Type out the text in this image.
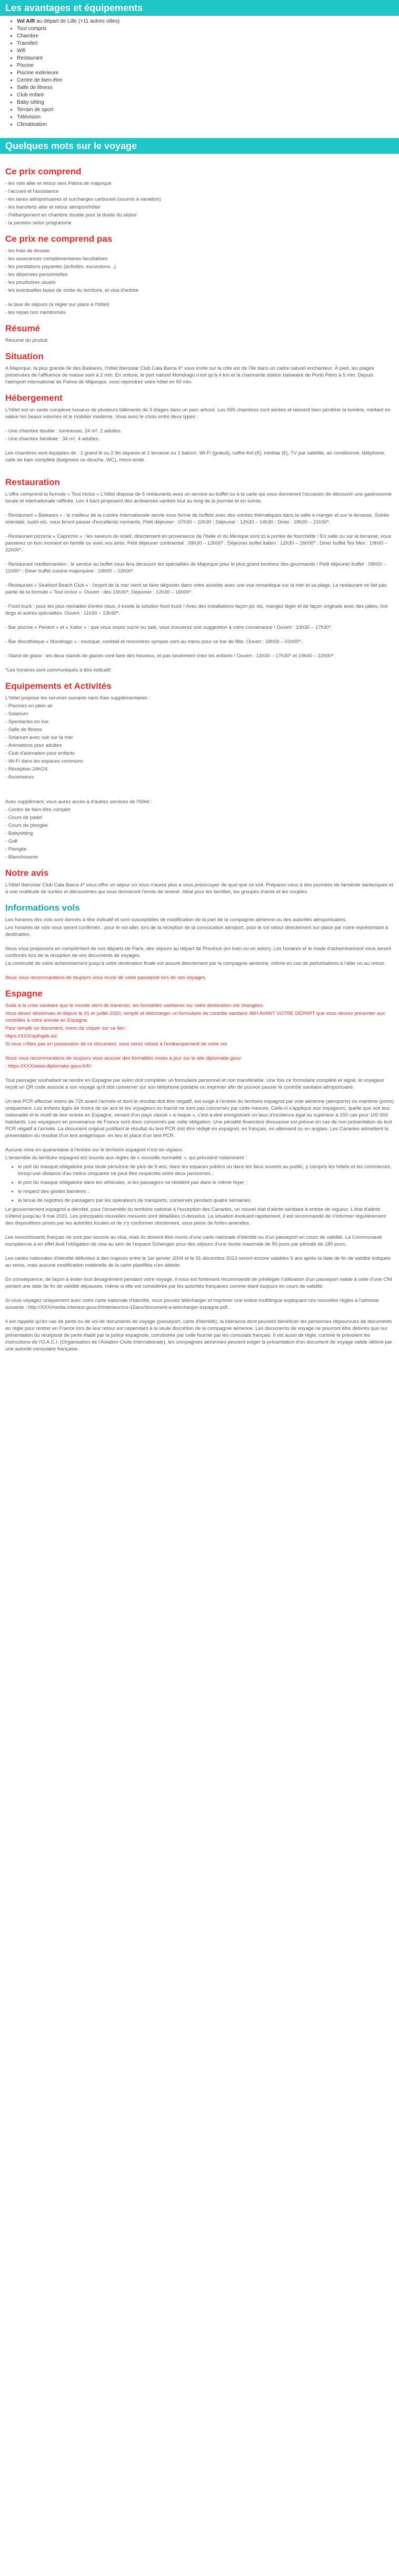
Les avantages et équipements
• Vol A/R au départ de Lille (+11 autres villes)
• Tout compris
• Chambre
• Transfert
• Wifi
• Restaurant
• Piscine
• Piscine extérieure
• Centre de bien-être
• Salle de fitness
• Club enfant
• Baby sitting
• Terrain de sport
• Télévision
• Climatisation
Quelques mots sur le voyage
Ce prix comprend

- les vols aller et retour vers Palma de majorque

- l'accueil et l'assistance

- les taxes aéroportuaires et surcharges carburant (soumis à variation)

- les transferts aller et retour aéroport/hôtel

- l'hébergement en chambre double pour la durée du séjour

- la pension selon programme

Ce prix ne comprend pas

- les frais de dossier

- les assurances complémentaires facultatives

- les prestations payantes (activités, excursions...)

- les dépenses personnelles

- les pourboires usuels

- les éventuelles taxes de sortie du territoire, et visa d'entrée

- la taxe de séjours (à régler sur place à l'hôtel)

- les repas non mentionnés

Résumé

Résumé du produit

Situation

A Majorque, la plus grande île des Baléares, l'hôtel Iberostar Club Cala Barca 4* vous invite sur la côte est de l'île dans un cadre naturel enchanteur. À pied, les plages préservées de l'affluence de masse sont à 2 min. En voiture, le port naturel Mondrago n'est qu'à 4 km et la charmante station balnéaire de Porto Petro à 5 min. Depuis l'aéroport international de Palma de Majorque, vous rejoindrez votre hôtel en 50 min.

Hébergement

L'hôtel est un vaste complexe luxueux de plusieurs bâtiments de 3 étages dans un parc arboré. Les 695 chambres sont aérées et laissent bien pénétrer la lumière, mettant en valeur les beaux volumes et le mobilier moderne. Vous avez le choix entre deux types :

- Une chambre double : lumineuse, 24 m², 2 adultes.

- Une chambre familiale : 34 m², 4 adultes.

Les chambres sont équipées de : 1 grand lit ou 2 lits séparés et 1 terrasse ou 1 balcon. Wi-Fi (gratuit), coffre-fort (€), minibar (€), TV par satellite, air conditionné, téléphone, salle de bain complète (baignoire ou douche, WC), micro-onde.

Restauration

L'offre comprend la formule « Tout inclus » L'hôtel dispose de 5 restaurants avec un service au buffet ou à la carte qui vous donneront l'occasion de découvrir une gastronomie locale et internationale raffinée. Les 4 bars proposent des ambiances variées tout au long de la journée et en soirée.

- Restaurant « Baleares » : le meilleur de la cuisine internationale servie sous forme de buffets avec des soirées thématiques dans la salle à manger et sur la terrasse. Soirée orientale, sushi etc. vous feront passer d'excellents moments. Petit déjeuner : 07h30 – 10h30 ; Déjeuner : 12h30 – 14h30 ; Diner : 18h30 – 21h30*.

- Restaurant pizzeria « Caprichio » : les saveurs du soleil, directement en provenance de l'Italie et du Mexique sont ici à portée de fourchette ! En salle ou sur la terrasse, vous passerez un bon moment en famille ou avec vos amis. Petit déjeuner continental : 09h30 – 12h00* ; Déjeuner buffet italien : 12h30 – 16h00* ; Diner buffet Tex Mex : 19h00 – 22h00*.

- Restaurant méditerranéen : le service au buffet vous fera découvrir les spécialités de Majorque pour le plus grand bonheur des gourmands ! Petit déjeuner buffet : 09h00 – 11h00* ; Diner buffet cuisine majorquine : 19h00 – 22h00*.

- Restaurant « Seafood Beach Club » : l'esprit de la mer vient se faire déguster dans votre assiette avec une vue romantique sur la mer et sa plage. Le restaurant ne fait pas partie de la formule « Tout inclus ». Ouvert : dès 10h30*, Déjeuner : 12h30 – 16h00*.

- Food truck : pour les plus nomades d'entre nous, il existe la solution food truck ! Avec des installations façon pic nic, mangez léger et de façon originale avec des pâtes, hot-dogs et autres spécialités. Ouvert : 11h30 – 13h30*.

- Bar piscine « Penent » et « Xaloc » : que vous soyez sucré ou salé, vous trouverez une suggestion à votre convenance ! Ouvert : 10h30 – 17h30*.

- Bar discothèque « Mondrago » : musique, cocktail et rencontres sympas sont au menu pour ce bar de fête. Ouvert : 18h00 – 01h00*.

- Stand de glace : les deux stands de glaces vont faire des heureux, et pas seulement chez les enfants ! Ouvert : 13h30 – 17h30* et 19h00 – 22h00*.

*Les horaires sont communiqués à titre indicatif.

Equipements et Activités

L'hôtel propose les services suivants sans frais supplémentaires :

- Piscines en plein air

- Solarium

- Spectacles en live

- Salle de fitness

- Solarium avec vue sur la mer

- Animations pour adultes

- Club d'animation pour enfants

- Wi-Fi dans les espaces communs

- Réception 24h/24

- Ascenseurs

Avec supplément, vous aurez accès à d'autres services de l'hôtel :

- Centre de bien-être complet

- Cours de padel

- Cours de plongée

- Babysitting

- Golf

- Plongée

- Blanchisserie

Notre avis

L'hôtel Iberostar Club Cala Barca 4* vous offre un séjour où vous n'aurez plus à vous préoccuper de quoi que ce soit. Préparez-vous à des journées de farniente dantesques et à une multitude de sorties et découvertes qui vous donneront l'envie de revenir. Idéal pour les familles, les groupes d'amis et les couples.

Informations vols

Les horaires des vols sont donnés à titre indicatif et sont susceptibles de modification de la part de la compagnie aérienne ou des autorités aéroportuaires.

Les horaires de vols vous seront confirmés : pour le vol aller, lors de la réception de la convocation aéroport, pour le vol retour directement sur place par notre représentant à destination.

Nous vous proposons en complément de nos départs de Paris, des séjours au départ de Province (en train ou en avion). Les horaires et le mode d'acheminement vous seront confirmés lors de la réception de vos documents de voyages.

La continuité de votre acheminement jusqu'à votre destination finale est assuré directement par la compagnie aérienne, même en cas de perturbations à l'aller ou au retour.

Nous vous recommandons de toujours vous munir de votre passeport lors de vos voyages.

Espagne

Suite à la crise sanitaire que le monde vient de traverser, les formalités sanitaires sur votre destination ont changées.

Vous devez désormais et depuis le 01 er juillet 2020, remplir et télécharger un formulaire de contrôle sanitaire 48H AVANT VOTRE DÉPART que vous devrez présenter aux contrôles à votre arrivée en Espagne.

Pour remplir ce document, merci de cliquer sur ce lien :

https://XXX/spthgob.es/

Si vous n'êtes pas en possession de ce document, vous serez refusé à l'embarquement de votre vol.

Nous vous recommandons de toujours vous assurer des formalités mises à jour sur le site diplomatie.gouv

: https://XXX/www.diplomatie.gouv.fr/fr/

Tout passager souhaitant se rendre en Espagne par avion doit compléter un formulaire personnel et non transférable. Une fois ce formulaire complété et signé, le voyageur reçoit un QR code associé à son voyage qu'il doit conserver sur son téléphone portable ou imprimer afin de pouvoir passer le contrôle sanitaire aéroportuaire.

Un test PCR effectué moins de 72h avant l'arrivée et dont le résultat doit être négatif, est exigé à l'entrée du territoire espagnol par voie aérienne (aéroports) ou maritime (ports) uniquement. Les enfants âgés de moins de six ans et les voyageurs en transit ne sont pas concernés par cette mesure. Celle-ci s'applique aux voyageurs, quelle que soit leur nationalité et le motif de leur entrée en Espagne, venant d'un pays classé « à risque », c'est-à-dire enregistrant un taux d'incidence égal ou supérieur à 150 cas pour 100 000 habitants. Les voyageurs en provenance de France sont donc concernés par cette obligation. Une pénalité financière dissuasive est prévue en cas de non présentation du test PCR négatif à l'arrivée. La document original justifiant le résultat du test PCR doit être rédigé en espagnol, en français, en allemand ou en anglais. Les Canaries admettent la présentation du résultat d'un test antigénique, en lieu et place d'un test PCR.

Aucune mise en quarantaine à l'entrée sur le territoire espagnol n'est en vigueur.

L'ensemble du territoire espagnol est soumis aux règles de « nouvelle normalité », qui prévoient notamment :

• le port du masque obligatoire pour toute personne de plus de 6 ans, dans les espaces publics ou dans les lieux ouverts au public, y compris les hôtels et les commerces, lorsqu'une distance d'au moins cinquante ne peut être respectée entre deux personnes ;
• le port du masque obligatoire dans les véhicules, si les passagers ne résident pas dans le même foyer ;
• le respect des gestes barrières ;
• la tenue de registres de passagers par les opérateurs de transports, conservés pendant quatre semaines.

Le gouvernement espagnol a décrété, pour l'ensemble du territoire national à l'exception des Canaries, un nouvel état d'alerte sanitaire à entrée de vigueur. L'état d'alerte s'étend jusqu'au 9 mai 2021. Les principales nouvelles mesures sont détaillées ci-dessous. La situation évoluant rapidement, il est recommandé de s'informer régulièrement des dispositions prises par les autorités locales et de s'y conformer strictement, sous peine de fortes amendes.

Les ressortissants français ne sont pas soumis au visa, mais ils doivent être munis d'une carte nationale d'identité ou d'un passeport en cours de validité. La Communauté européenne a en effet levé l'obligation de visa au sein de l'espace Schengen pour des séjours d'une durée maximale de 90 jours par période de 180 jours.

Les cartes nationales d'identité délivrées à des majeurs entre le 1er janvier 2004 et le 31 décembre 2013 seront encore valables 5 ans après la date de fin de validité indiquée au verso, mais aucune modification matérielle de la carte plastifiée n'en atteste.

En conséquence, de façon à éviter tout désagrément pendant votre voyage, il vous est fortement recommandé de privilégier l'utilisation d'un passeport valide à celle d'une CNI portant une date de fin de validité dépassée, même si elle est considérée par les autorités françaises comme étant toujours en cours de validité.

Si vous voyagez uniquement avec votre carte nationale d'identité, vous pouvez télécharger et imprimer une notice multilingue expliquant ces nouvelles règles à l'adresse suivante : http://XXX/media.interieur.gouv.fr/interieur/cni-15ans/document-a-telecharger-espagne.pdf.

Il est rappelé qu'en cas de perte ou de vol de documents de voyage (passeport, carte d'identité), la tolérance dont peuvent bénéficier les personnes dépourvues de documents en règle pour rentrer en France lors de leur retour est cependant à la seule discrétion de la compagnie aérienne. Les documents de voyage ne pourront être délivrés que sur présentation du récépissé de perte établi par la police espagnole, corroborée par celle fournie par les consulats français. Il est aussi de règle, comme le prévoient les instructions de l'O.A.C.I. (Organisation de l'Aviation Civile Internationale), les compagnies aériennes peuvent exiger la présentation d'un document de voyage valide délivré par une autorité consulaire française.
